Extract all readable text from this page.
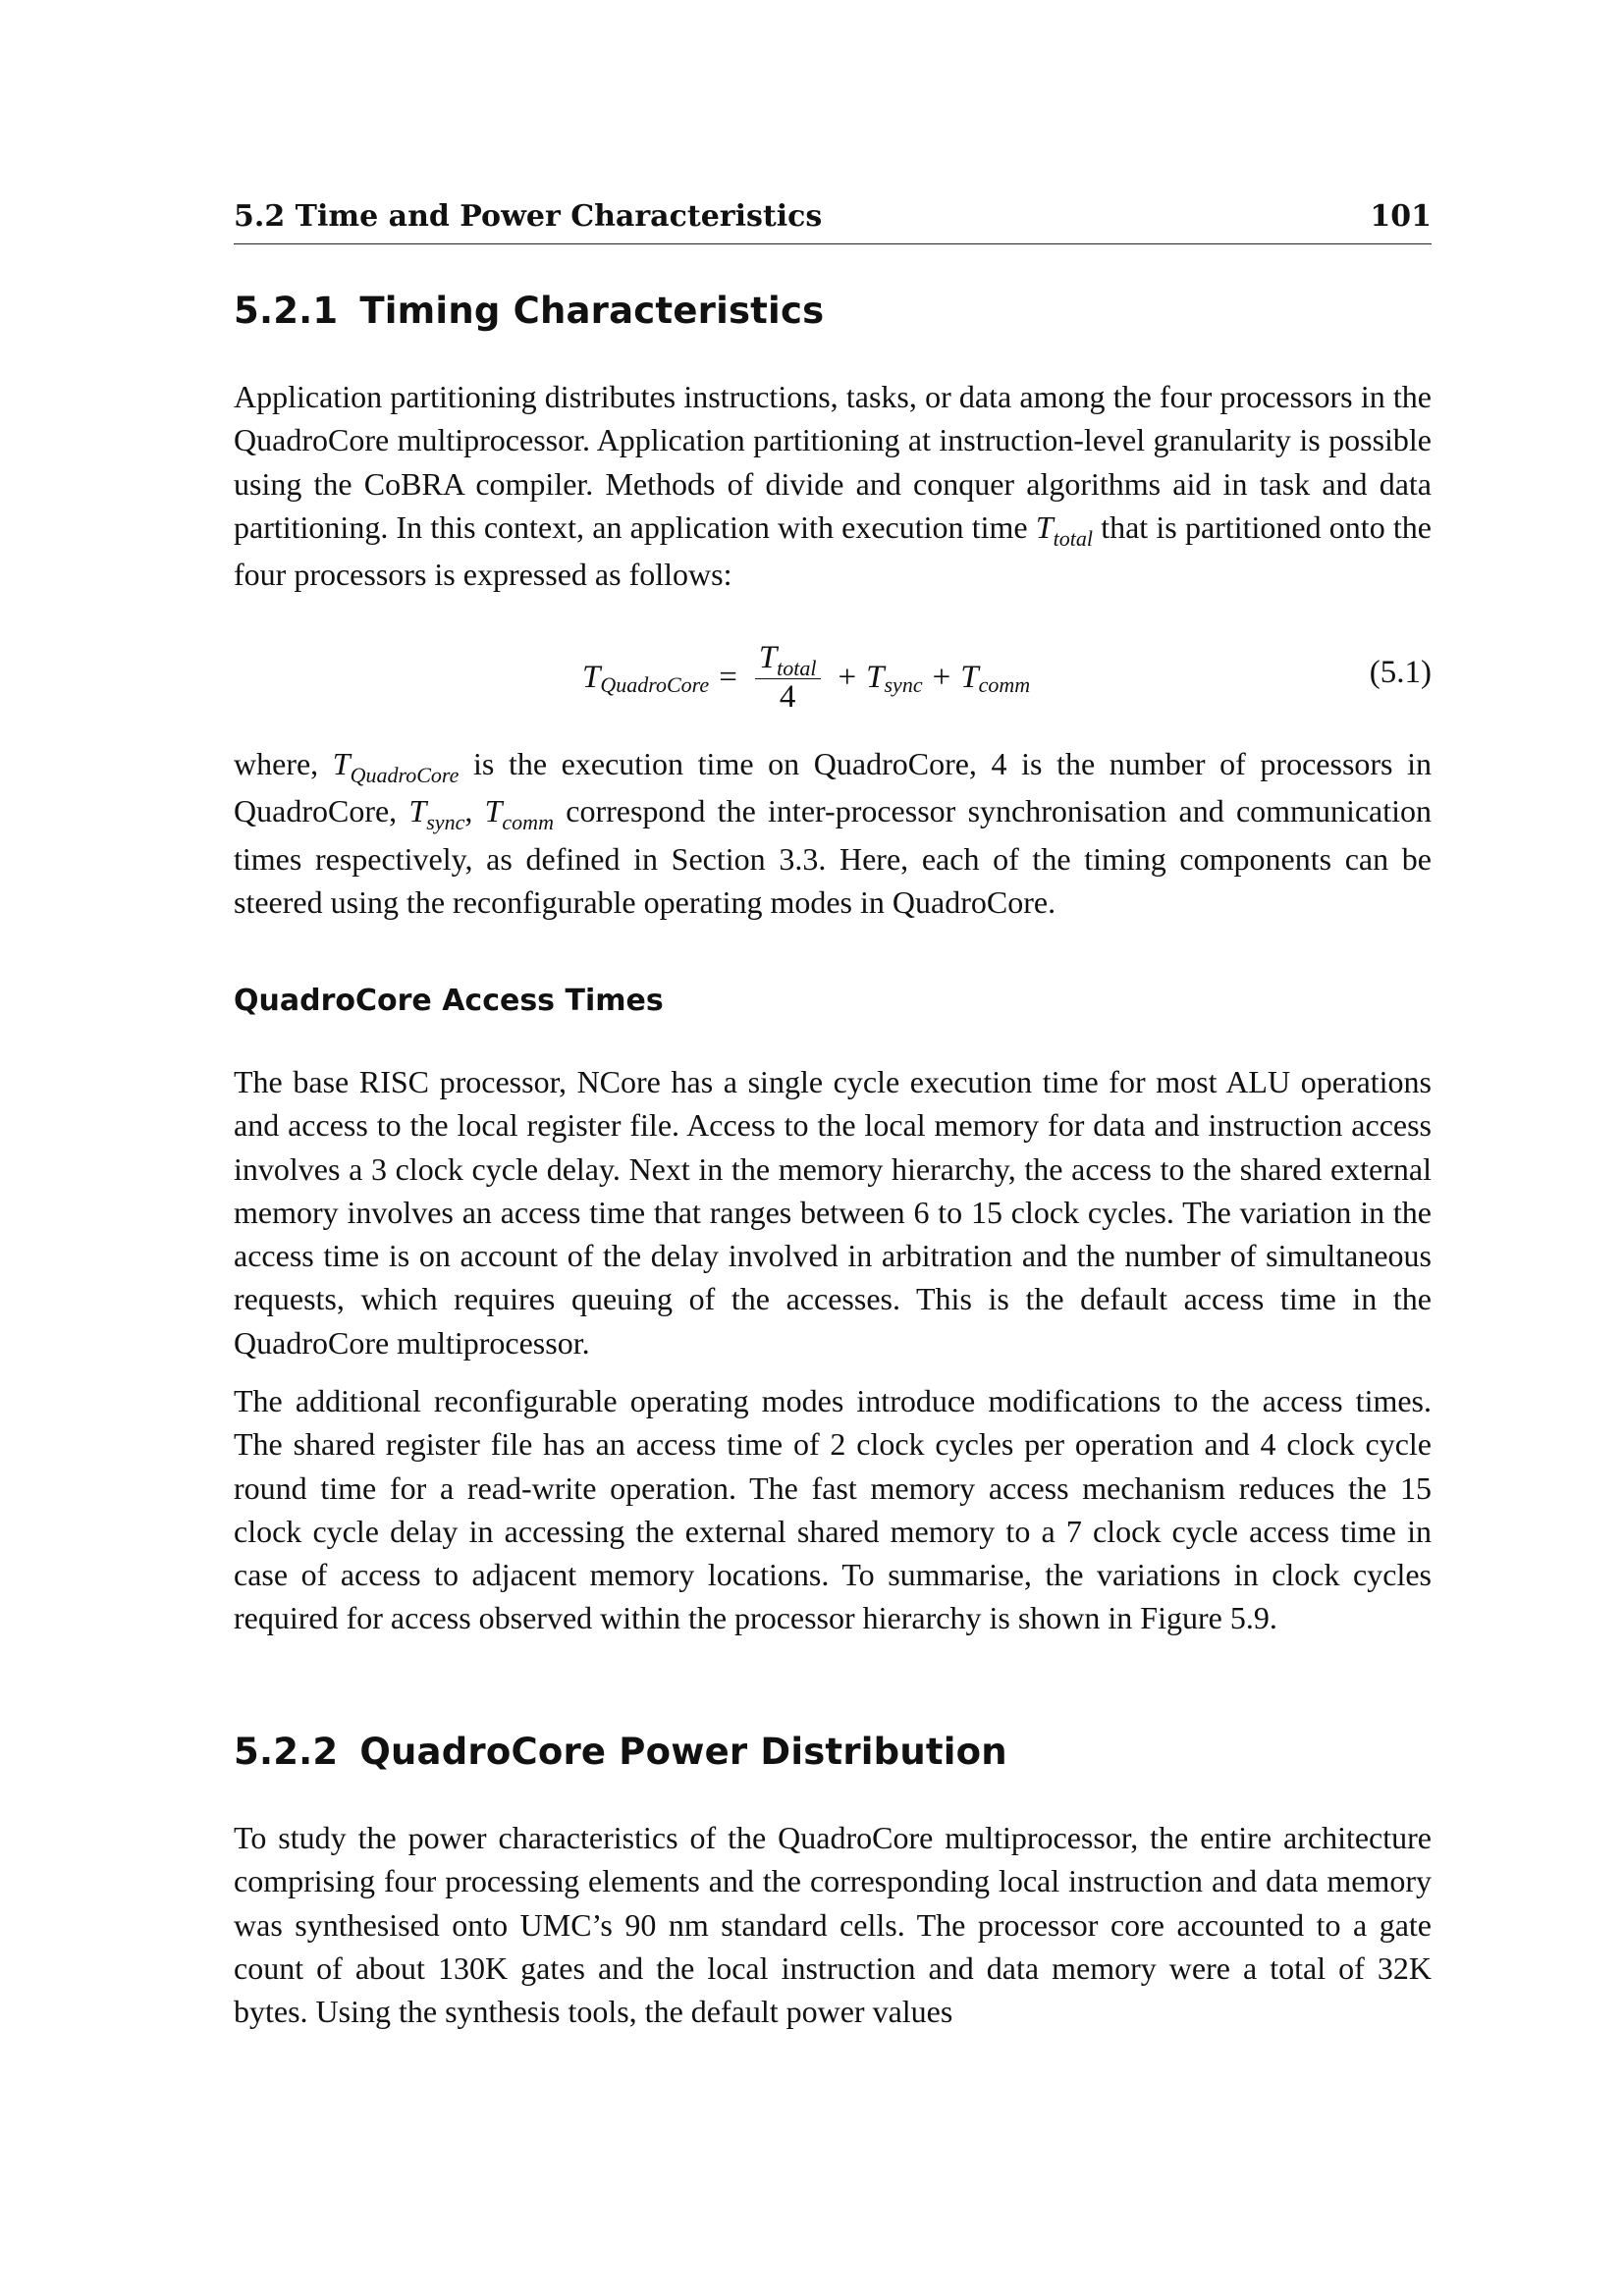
5.2 Time and Power Characteristics	101
5.2.1 Timing Characteristics

Application partitioning distributes instructions, tasks, or data among the four processors in the QuadroCore multiprocessor. Application partitioning at instruction-level granularity is possible using the CoBRA compiler. Methods of divide and conquer algorithms aid in task and data partitioning. In this context, an application with execution time $T_{total}$ that is partitioned onto the four processors is expressed as follows:

T QuadroCore = $\frac{T_{total}}{4} + T$ sync + T comm	(5.1)

where, $T_{QuadroCore}$ is the execution time on QuadroCore, 4 is the number of processors in QuadroCore, $T_{sync}$, $T_{comm}$ correspond the inter-processor synchronisation and communication times respectively, as defined in Section 3.3. Here, each of the timing components can be steered using the reconfigurable operating modes in QuadroCore.

QuadroCore Access Times

The base RISC processor, NCore has a single cycle execution time for most ALU operations and access to the local register file. Access to the local memory for data and instruction access involves a 3 clock cycle delay. Next in the memory hierarchy, the access to the shared external memory involves an access time that ranges between 6 to 15 clock cycles. The variation in the access time is on account of the delay involved in arbitration and the number of simultaneous requests, which requires queuing of the accesses. This is the default access time in the QuadroCore multiprocessor.

The additional reconfigurable operating modes introduce modifications to the access times. The shared register file has an access time of 2 clock cycles per operation and 4 clock cycle round time for a read-write operation. The fast memory access mechanism reduces the 15 clock cycle delay in accessing the external shared memory to a 7 clock cycle access time in case of access to adjacent memory locations. To summarise, the variations in clock cycles required for access observed within the processor hierarchy is shown in Figure 5.9.

5.2.2 QuadroCore Power Distribution

To study the power characteristics of the QuadroCore multiprocessor, the entire architecture comprising four processing elements and the corresponding local instruction and data memory was synthesised onto UMC’s 90 nm standard cells. The processor core accounted to a gate count of about 130K gates and the local instruction and data memory were a total of 32K bytes. Using the synthesis tools, the default power values
